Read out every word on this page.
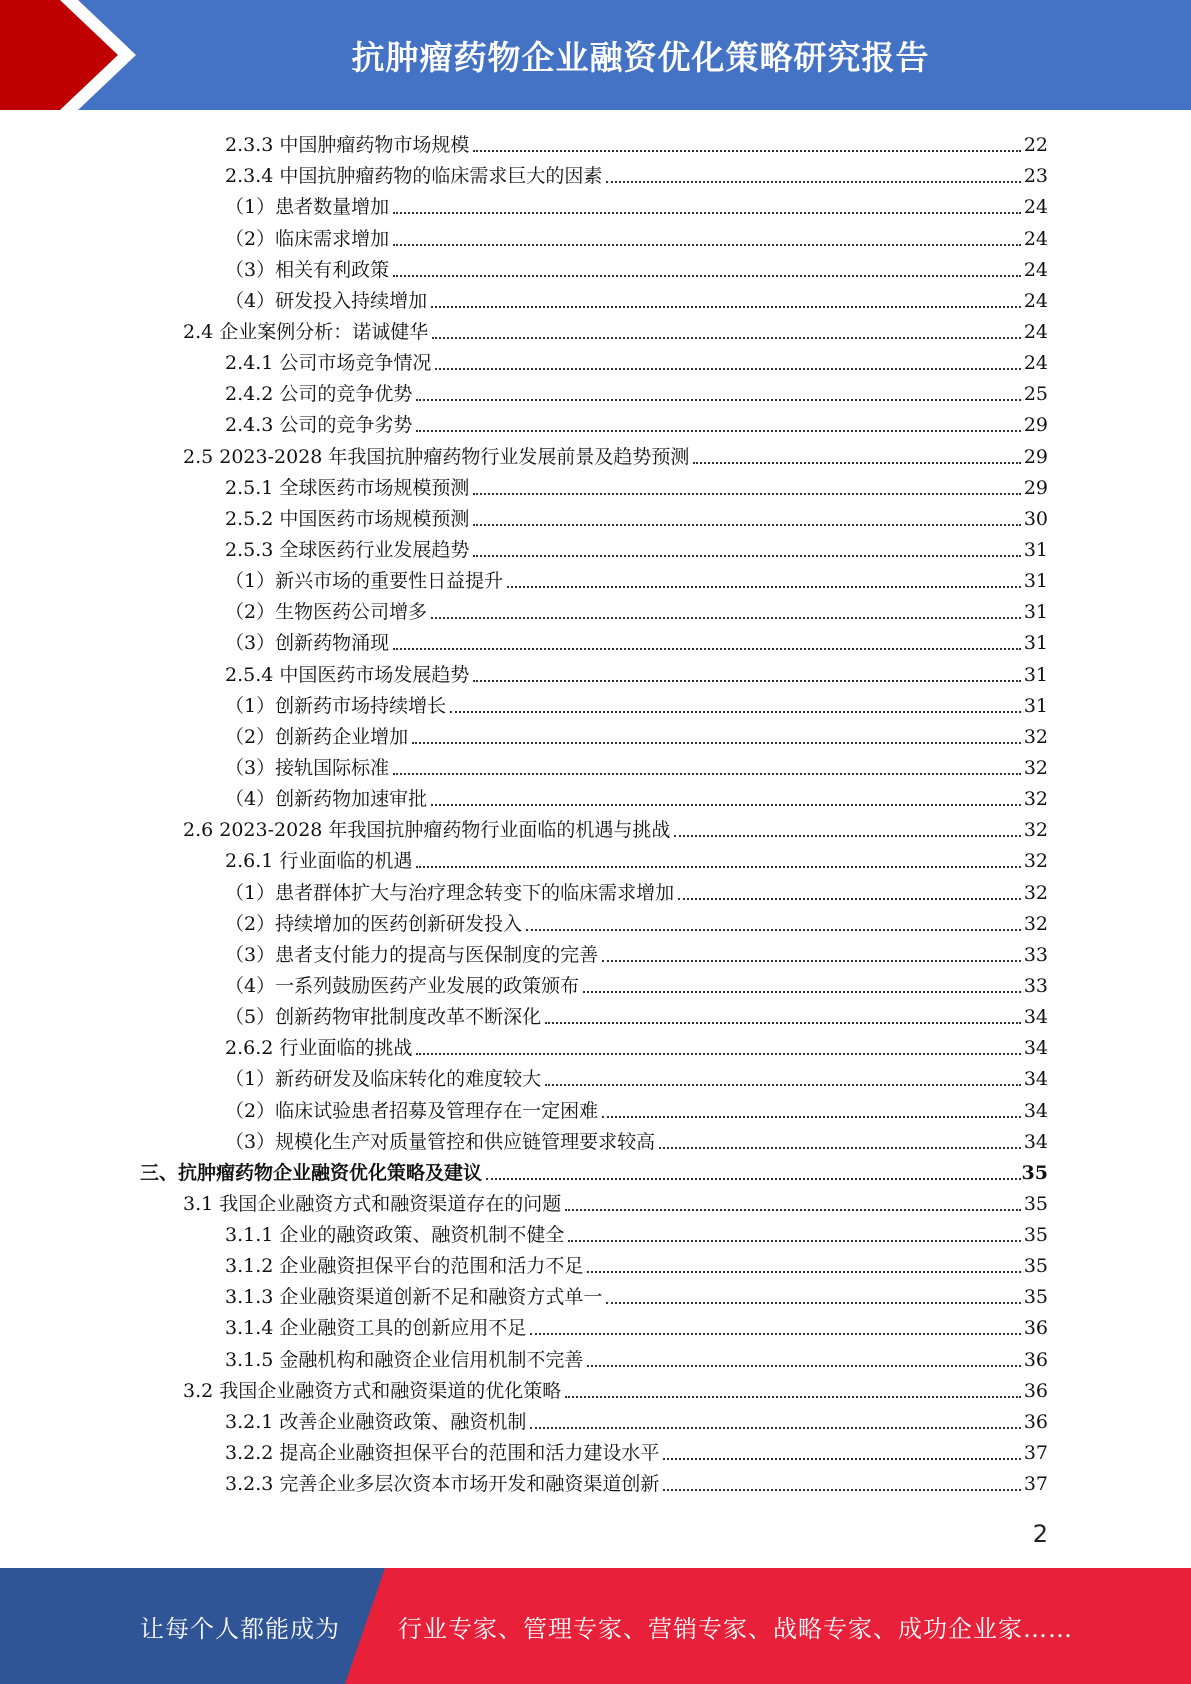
抗肿瘤药物企业融资优化策略研究报告
2.3.3 中国肿瘤药物市场规模	22
2.3.4 中国抗肿瘤药物的临床需求巨大的因素	23
（1）患者数量增加	24
（2）临床需求增加	24
（3）相关有利政策	24
（4）研发投入持续增加	24
2.4 企业案例分析：诺诚健华	24
2.4.1 公司市场竞争情况	24
2.4.2 公司的竞争优势	25
2.4.3 公司的竞争劣势	29
2.5 2023-2028 年我国抗肿瘤药物行业发展前景及趋势预测	29
2.5.1 全球医药市场规模预测	29
2.5.2 中国医药市场规模预测	30
2.5.3 全球医药行业发展趋势	31
（1）新兴市场的重要性日益提升	31
（2）生物医药公司增多	31
（3）创新药物涌现	31
2.5.4 中国医药市场发展趋势	31
（1）创新药市场持续增长	31
（2）创新药企业增加	32
（3）接轨国际标准	32
（4）创新药物加速审批	32
2.6 2023-2028 年我国抗肿瘤药物行业面临的机遇与挑战	32
2.6.1 行业面临的机遇	32
（1）患者群体扩大与治疗理念转变下的临床需求增加	32
（2）持续增加的医药创新研发投入	32
（3）患者支付能力的提高与医保制度的完善	33
（4）一系列鼓励医药产业发展的政策颁布	33
（5）创新药物审批制度改革不断深化	34
2.6.2 行业面临的挑战	34
（1）新药研发及临床转化的难度较大	34
（2）临床试验患者招募及管理存在一定困难	34
（3）规模化生产对质量管控和供应链管理要求较高	34
三、抗肿瘤药物企业融资优化策略及建议	35
3.1 我国企业融资方式和融资渠道存在的问题	35
3.1.1 企业的融资政策、融资机制不健全	35
3.1.2 企业融资担保平台的范围和活力不足	35
3.1.3 企业融资渠道创新不足和融资方式单一	35
3.1.4 企业融资工具的创新应用不足	36
3.1.5 金融机构和融资企业信用机制不完善	36
3.2 我国企业融资方式和融资渠道的优化策略	36
3.2.1 改善企业融资政策、融资机制	36
3.2.2 提高企业融资担保平台的范围和活力建设水平	37
3.2.3 完善企业多层次资本市场开发和融资渠道创新	37
2
让每个人都能成为 行业专家、管理专家、营销专家、战略专家、成功企业家……
